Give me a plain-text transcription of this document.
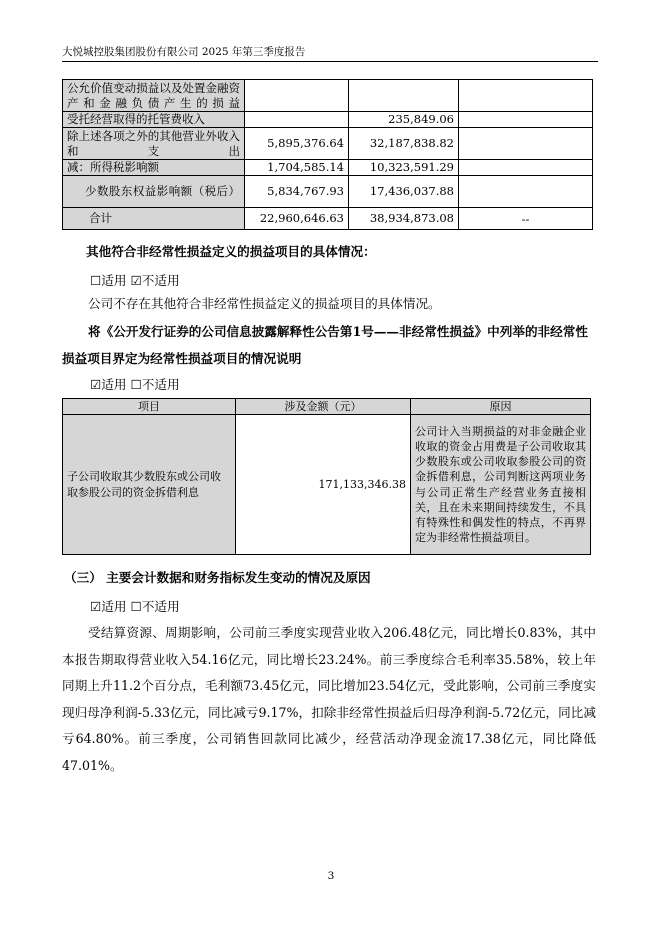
大悦城控股集团股份有限公司 2025 年第三季度报告
公允价值变动损益以及处置金融资产和金融负债产生的损益			
受托经营取得的托管费收入		235,849.06	
除上述各项之外的其他营业外收入和支出	5,895,376.64	32,187,838.82	
减：所得税影响额	1,704,585.14	10,323,591.29	
少数股东权益影响额（税后）	5,834,767.93	17,436,037.88	
合计	22,960,646.63	38,934,873.08	--
其他符合非经常性损益定义的损益项目的具体情况：
☐适用 ☑不适用
公司不存在其他符合非经常性损益定义的损益项目的具体情况。
将《公开发行证券的公司信息披露解释性公告第1号——非经常性损益》中列举的非经常性损益项目界定为经常性损益项目的情况说明
☑适用 ☐不适用
项目	涉及金额（元）	原因
子公司收取其少数股东或公司收取参股公司的资金拆借利息	171,133,346.38	公司计入当期损益的对非金融企业收取的资金占用费是子公司收取其少数股东或公司收取参股公司的资金拆借利息，公司判断这两项业务与公司正常生产经营业务直接相关，且在未来期间持续发生，不具有特殊性和偶发性的特点，不再界定为非经常性损益项目。
（三） 主要会计数据和财务指标发生变动的情况及原因
☑适用 ☐不适用
受结算资源、周期影响，公司前三季度实现营业收入206.48亿元，同比增长0.83%，其中本报告期取得营业收入54.16亿元，同比增长23.24%。前三季度综合毛利率35.58%，较上年同期上升11.2个百分点，毛利额73.45亿元，同比增加23.54亿元，受此影响，公司前三季度实现归母净利润-5.33亿元，同比减亏9.17%，扣除非经常性损益后归母净利润-5.72亿元，同比减亏64.80%。前三季度，公司销售回款同比减少，经营活动净现金流17.38亿元，同比降低47.01%。
3
